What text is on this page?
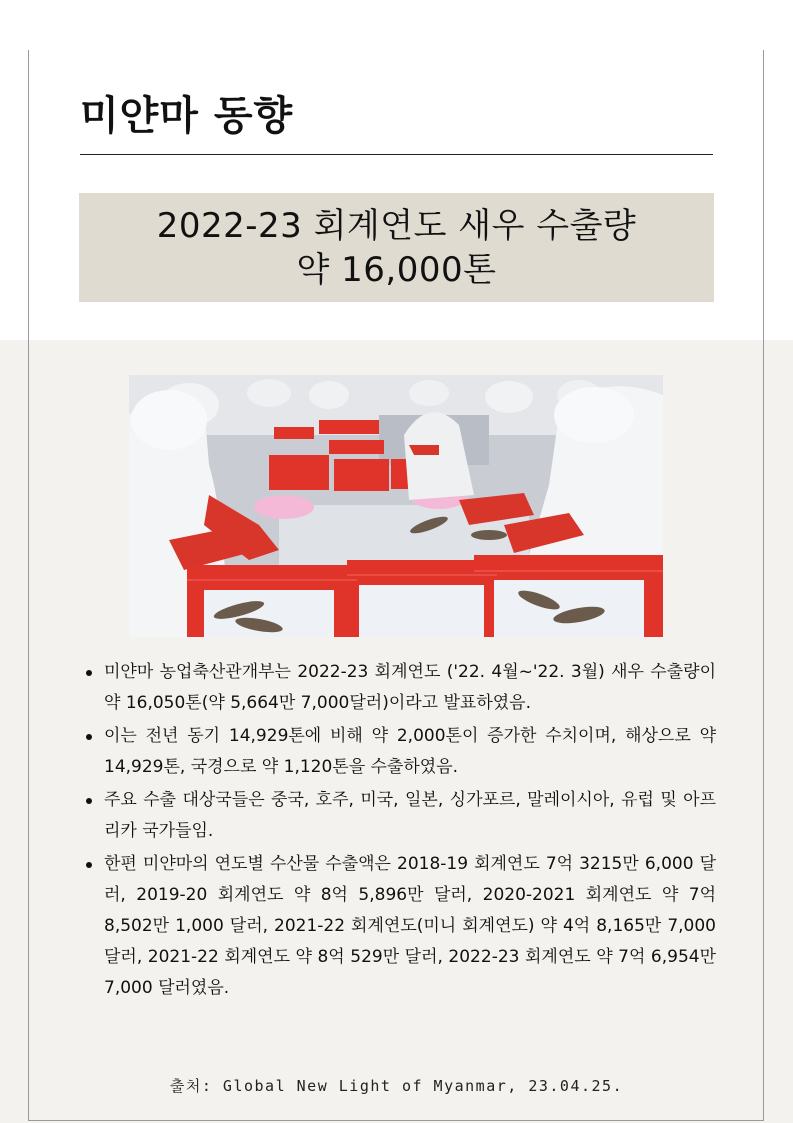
미얀마 동향
2022-23 회계연도 새우 수출량
약 16,000톤
미얀마 농업축산관개부는 2022-23 회계연도 ('22. 4월~'22. 3월) 새우 수출량이 약 16,050톤(약 5,664만 7,000달러)이라고 발표하였음.
이는 전년 동기 14,929톤에 비해 약 2,000톤이 증가한 수치이며, 해상으로 약 14,929톤, 국경으로 약 1,120톤을 수출하였음.
주요 수출 대상국들은 중국, 호주, 미국, 일본, 싱가포르, 말레이시아, 유럽 및 아프리카 국가들임.
한편 미얀마의 연도별 수산물 수출액은 2018-19 회계연도 7억 3215만 6,000 달러, 2019-20 회계연도 약 8억 5,896만 달러, 2020-2021 회계연도 약 7억 8,502만 1,000 달러, 2021-22 회계연도(미니 회계연도) 약 4억 8,165만 7,000 달러, 2021-22 회계연도 약 8억 529만 달러, 2022-23 회계연도 약 7억 6,954만 7,000 달러였음.
출처: Global New Light of Myanmar, 23.04.25.
